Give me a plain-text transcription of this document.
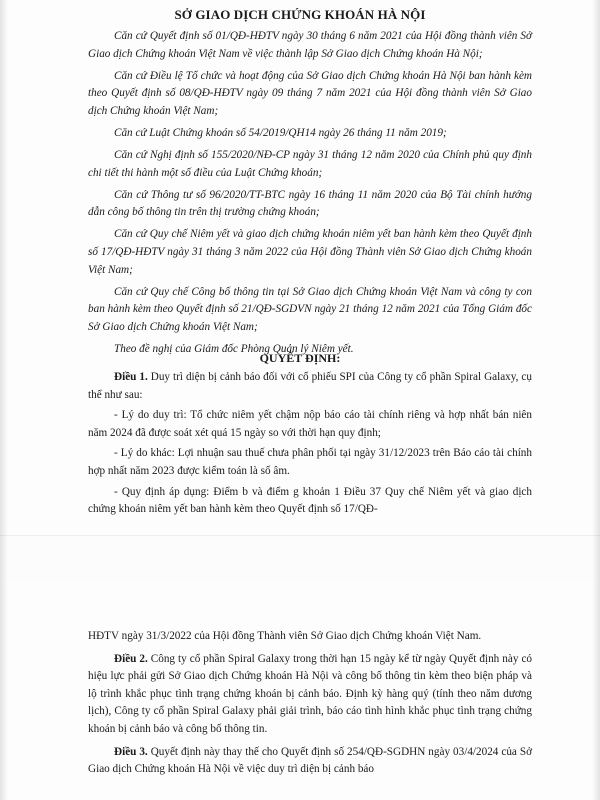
SỞ GIAO DỊCH CHỨNG KHOÁN HÀ NỘI

Căn cứ Quyết định số 01/QĐ-HĐTV ngày 30 tháng 6 năm 2021 của Hội đồng thành viên Sở Giao dịch Chứng khoán Việt Nam về việc thành lập Sở Giao dịch Chứng khoán Hà Nội;

Căn cứ Điều lệ Tổ chức và hoạt động của Sở Giao dịch Chứng khoán Hà Nội ban hành kèm theo Quyết định số 08/QĐ-HĐTV ngày 09 tháng 7 năm 2021 của Hội đồng thành viên Sở Giao dịch Chứng khoán Việt Nam;

Căn cứ Luật Chứng khoán số 54/2019/QH14 ngày 26 tháng 11 năm 2019;

Căn cứ Nghị định số 155/2020/NĐ-CP ngày 31 tháng 12 năm 2020 của Chính phủ quy định chi tiết thi hành một số điều của Luật Chứng khoán;

Căn cứ Thông tư số 96/2020/TT-BTC ngày 16 tháng 11 năm 2020 của Bộ Tài chính hướng dẫn công bố thông tin trên thị trường chứng khoán;

Căn cứ Quy chế Niêm yết và giao dịch chứng khoán niêm yết ban hành kèm theo Quyết định số 17/QĐ-HĐTV ngày 31 tháng 3 năm 2022 của Hội đồng Thành viên Sở Giao dịch Chứng khoán Việt Nam;

Căn cứ Quy chế Công bố thông tin tại Sở Giao dịch Chứng khoán Việt Nam và công ty con ban hành kèm theo Quyết định số 21/QĐ-SGDVN ngày 21 tháng 12 năm 2021 của Tổng Giám đốc Sở Giao dịch Chứng khoán Việt Nam;

Theo đề nghị của Giám đốc Phòng Quản lý Niêm yết.

QUYẾT ĐỊNH:

Điều 1. Duy trì diện bị cảnh báo đối với cổ phiếu SPI của Công ty cổ phần Spiral Galaxy, cụ thể như sau:

- Lý do duy trì: Tổ chức niêm yết chậm nộp báo cáo tài chính riêng và hợp nhất bán niên năm 2024 đã được soát xét quá 15 ngày so với thời hạn quy định;

- Lý do khác: Lợi nhuận sau thuế chưa phân phối tại ngày 31/12/2023 trên Báo cáo tài chính hợp nhất năm 2023 được kiểm toán là số âm.

- Quy định áp dụng: Điểm b và điểm g khoản 1 Điều 37 Quy chế Niêm yết và giao dịch chứng khoán niêm yết ban hành kèm theo Quyết định số 17/QĐ-

HĐTV ngày 31/3/2022 của Hội đồng Thành viên Sở Giao dịch Chứng khoán Việt Nam.

Điều 2. Công ty cổ phần Spiral Galaxy trong thời hạn 15 ngày kể từ ngày Quyết định này có hiệu lực phải gửi Sở Giao dịch Chứng khoán Hà Nội và công bố thông tin kèm theo biện pháp và lộ trình khắc phục tình trạng chứng khoán bị cảnh báo. Định kỳ hàng quý (tính theo năm dương lịch), Công ty cổ phần Spiral Galaxy phải giải trình, báo cáo tình hình khắc phục tình trạng chứng khoán bị cảnh báo và công bố thông tin.

Điều 3. Quyết định này thay thế cho Quyết định số 254/QĐ-SGDHN ngày 03/4/2024 của Sở Giao dịch Chứng khoán Hà Nội về việc duy trì diện bị cảnh báo
